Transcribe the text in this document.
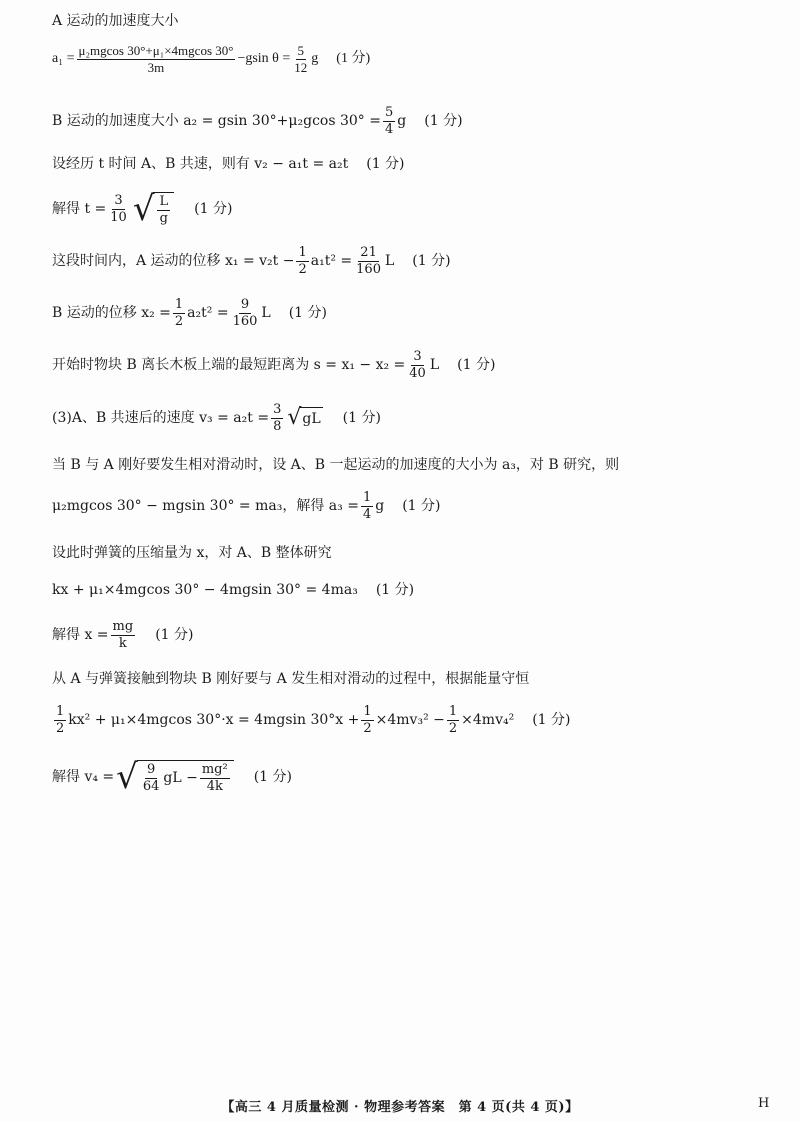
A 运动的加速度大小
$a_1 = \frac{\text{μ₂mgcos 30°+μ₁×4mgcos 30°}}{3m} -gsin$ $\theta = \frac{5}{12}$ g (1 分)
B 运动的加速度大小 a₂ = gsin 30°+μ₂gcos $30^\circ = \frac{5}{4}$ g (1 分)
设经历 t 时间 A、B 共速，则有 v₂ − a₁t = a₂t (1 分)
解得 $t = \frac{3}{10}$ √ $\frac{L}{g} (1$ 分)
这段时间内，A 运动的位移 $x_1 = v_2t - \frac{1}{2} a_1t^2 = \frac{21}{160}$ L (1 分)
B 运动的位移 $x_2 = \frac{1}{2} a_2t^2 = \frac{9}{160}$ L (1 分)
开始时物块 B 离长木板上端的最短距离为 $s = x_1 - x_2 = \frac{3}{40}$ L (1 分)
(3)A、B 共速后的速度 $v_3 = a_2t = \frac{3}{8}$ √ gL (1 分)
当 B 与 A 刚好要发生相对滑动时，设 A、B 一起运动的加速度的大小为 a₃，对 B 研究，则
μ₂mgcos 30° − mgsin 30° = ma₃，解得 $a_3 = \frac{1}{4}$ g (1 分)
设此时弹簧的压缩量为 x，对 A、B 整体研究
kx + μ₁×4mgcos 30° − 4mgsin 30° = 4ma₃ (1 分)
解得 $x = \frac{mg}{k} (1$ 分)
从 A 与弹簧接触到物块 B 刚好要与 A 发生相对滑动的过程中，根据能量守恒
$\frac{1}{2} kx^2 + \mu_1\times 4mgcos$ 30°·x = 4mgsin $30^\circ x + \frac{1}{2} \times 4mv_3^2 - \frac{1}{2} \times 4mv_4^2$ (1 分)
解得 v₄ = √ $\frac{9}{64}$ gL − $\frac{\text{mg²}}{4k} (1$ 分)
【高三 4 月质量检测 · 物理参考答案　第 4 页(共 4 页)】	H
